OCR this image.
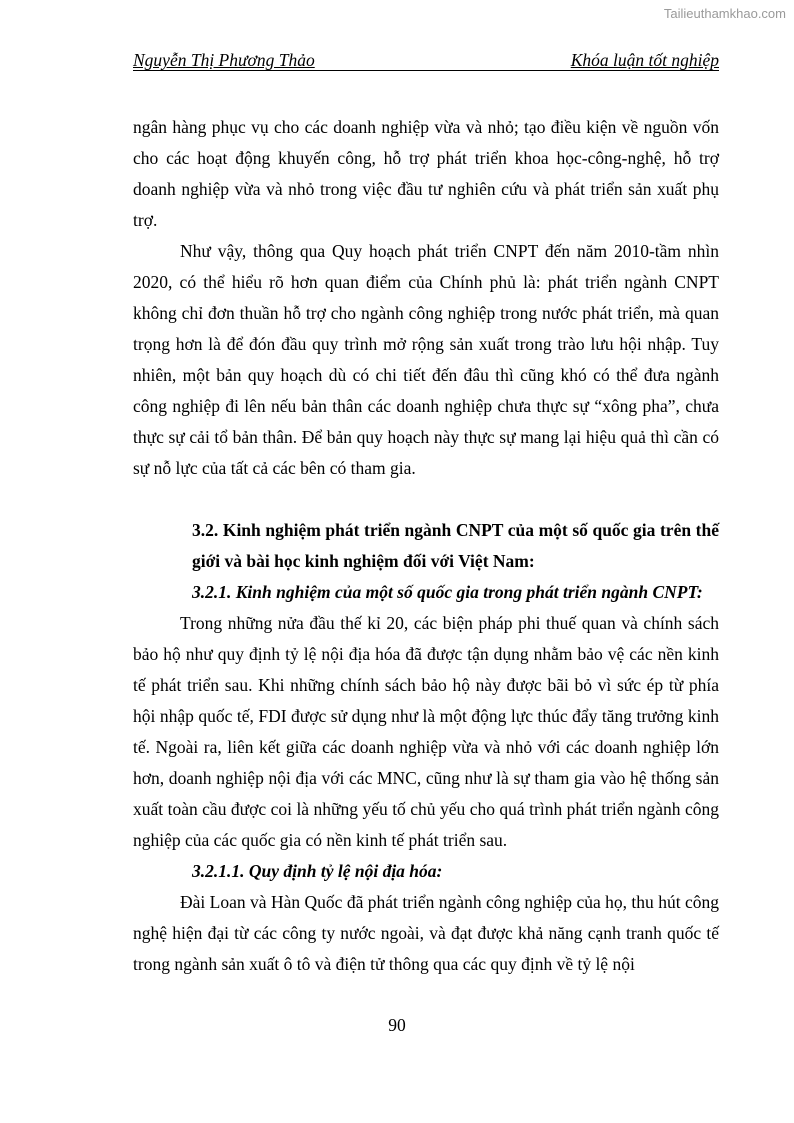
Tailieuthamkhao.com
Nguyễn Thị Phương Thảo	Khóa luận tốt nghiệp

ngân hàng phục vụ cho các doanh nghiệp vừa và nhỏ; tạo điều kiện về nguồn vốn cho các hoạt động khuyến công, hỗ trợ phát triển khoa học-công-nghệ, hỗ trợ doanh nghiệp vừa và nhỏ trong việc đầu tư nghiên cứu và phát triển sản xuất phụ trợ.

Như vậy, thông qua Quy hoạch phát triển CNPT đến năm 2010-tầm nhìn 2020, có thể hiểu rõ hơn quan điểm của Chính phủ là: phát triển ngành CNPT không chỉ đơn thuần hỗ trợ cho ngành công nghiệp trong nước phát triển, mà quan trọng hơn là để đón đầu quy trình mở rộng sản xuất trong trào lưu hội nhập. Tuy nhiên, một bản quy hoạch dù có chi tiết đến đâu thì cũng khó có thể đưa ngành công nghiệp đi lên nếu bản thân các doanh nghiệp chưa thực sự “xông pha”, chưa thực sự cải tổ bản thân. Để bản quy hoạch này thực sự mang lại hiệu quả thì cần có sự nỗ lực của tất cả các bên có tham gia.

3.2. Kinh nghiệm phát triển ngành CNPT của một số quốc gia trên thế giới và bài học kinh nghiệm đối với Việt Nam:

3.2.1. Kinh nghiệm của một số quốc gia trong phát triển ngành CNPT:

Trong những nửa đầu thế kỉ 20, các biện pháp phi thuế quan và chính sách bảo hộ như quy định tỷ lệ nội địa hóa đã được tận dụng nhằm bảo vệ các nền kinh tế phát triển sau. Khi những chính sách bảo hộ này được bãi bỏ vì sức ép từ phía hội nhập quốc tế, FDI được sử dụng như là một động lực thúc đẩy tăng trưởng kinh tế. Ngoài ra, liên kết giữa các doanh nghiệp vừa và nhỏ với các doanh nghiệp lớn hơn, doanh nghiệp nội địa với các MNC, cũng như là sự tham gia vào hệ thống sản xuất toàn cầu được coi là những yếu tố chủ yếu cho quá trình phát triển ngành công nghiệp của các quốc gia có nền kinh tế phát triển sau.

3.2.1.1. Quy định tỷ lệ nội địa hóa:

Đài Loan và Hàn Quốc đã phát triển ngành công nghiệp của họ, thu hút công nghệ hiện đại từ các công ty nước ngoài, và đạt được khả năng cạnh tranh quốc tế trong ngành sản xuất ô tô và điện tử thông qua các quy định về tỷ lệ nội

90
